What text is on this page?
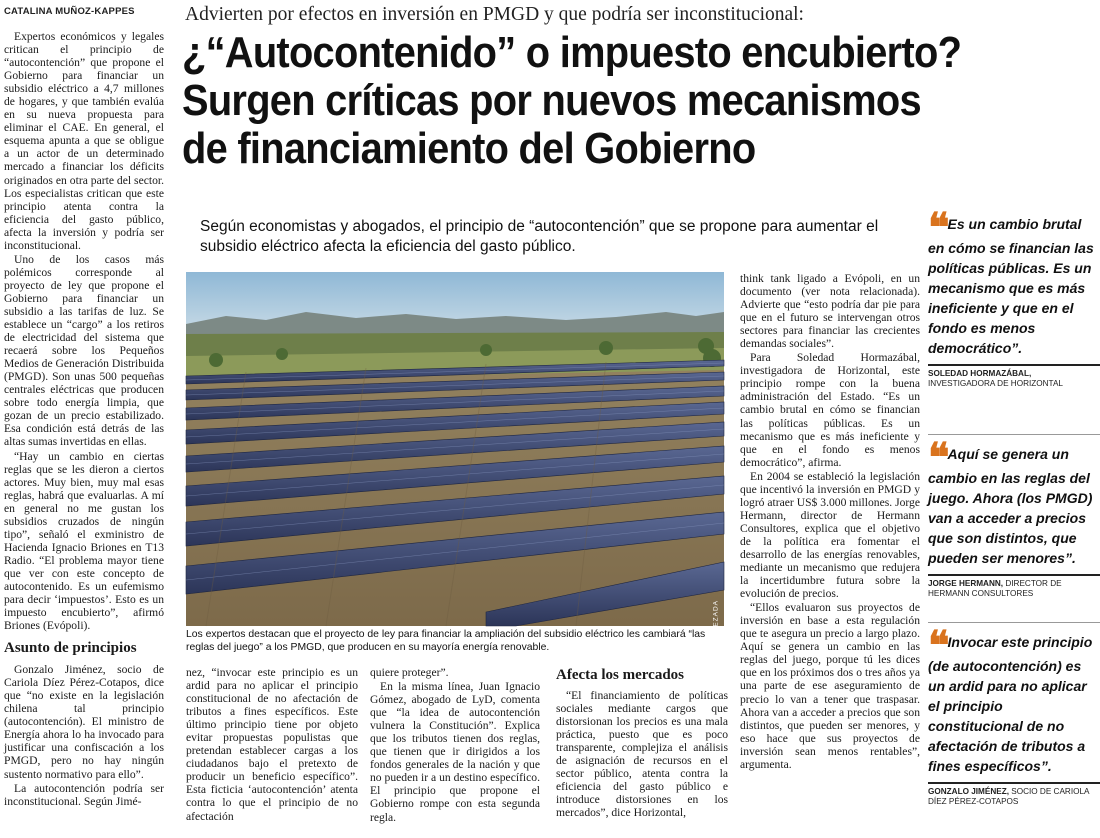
CATALINA MUÑOZ-KAPPES

Expertos económicos y legales critican el principio de “autocontención” que propone el Gobierno para financiar un subsidio eléctrico a 4,7 millones de hogares, y que también evalúa en su nueva propuesta para eliminar el CAE. En general, el esquema apunta a que se obligue a un actor de un determinado mercado a financiar los déficits originados en otra parte del sector. Los especialistas critican que este principio atenta contra la eficiencia del gasto público, afecta la inversión y podría ser inconstitucional.

Uno de los casos más polémicos corresponde al proyecto de ley que propone el Gobierno para financiar un subsidio a las tarifas de luz. Se establece un “cargo” a los retiros de electricidad del sistema que recaerá sobre los Pequeños Medios de Generación Distribuida (PMGD). Son unas 500 pequeñas centrales eléctricas que producen sobre todo energía limpia, que gozan de un precio estabilizado. Esa condición está detrás de las altas sumas invertidas en ellas.

“Hay un cambio en ciertas reglas que se les dieron a ciertos actores. Muy bien, muy mal esas reglas, habrá que evaluarlas. A mí en general no me gustan los subsidios cruzados de ningún tipo”, señaló el exministro de Hacienda Ignacio Briones en T13 Radio. “El problema mayor tiene que ver con este concepto de autocontenido. Es un eufemismo para decir ‘impuestos’. Esto es un impuesto encubierto”, afirmó Briones (Evópoli).

Asunto de principios

Gonzalo Jiménez, socio de Cariola Díez Pérez-Cotapos, dice que “no existe en la legislación chilena tal principio (autocontención). El ministro de Energía ahora lo ha invocado para justificar una confiscación a los PMGD, pero no hay ningún sustento normativo para ello”.

La autocontención podría ser inconstitucional. Según Jimé-

Advierten por efectos en inversión en PMGD y que podría ser inconstitucional:
¿“Autocontenido” o impuesto encubierto?
Surgen críticas por nuevos mecanismos
de financiamiento del Gobierno
Según economistas y abogados, el principio de “autocontención” que se propone para aumentar el subsidio eléctrico afecta la eficiencia del gasto público.
MAURICIO QUEZADA
Los expertos destacan que el proyecto de ley para financiar la ampliación del subsidio eléctrico les cambiará “las reglas del juego” a los PMGD, que producen en su mayoría energía renovable.

nez, “invocar este principio es un ardid para no aplicar el principio constitucional de no afectación de tributos a fines específicos. Este último principio tiene por objeto evitar propuestas populistas que pretendan establecer cargas a los ciudadanos bajo el pretexto de producir un beneficio específico”. Esta ficticia ‘autocontención’ atenta contra lo que el principio de no afectación

quiere proteger”.

En la misma línea, Juan Ignacio Gómez, abogado de LyD, comenta que “la idea de autocontención vulnera la Constitución”. Explica que los tributos tienen dos reglas, que tienen que ir dirigidos a los fondos generales de la nación y que no pueden ir a un destino específico. El principio que propone el Gobierno rompe con esta segunda regla.

Afecta los mercados

“El financiamiento de políticas sociales mediante cargos que distorsionan los precios es una mala práctica, puesto que es poco transparente, complejiza el análisis de asignación de recursos en el sector público, atenta contra la eficiencia del gasto público e introduce distorsiones en los mercados”, dice Horizontal,

think tank ligado a Evópoli, en un documento (ver nota relacionada). Advierte que “esto podría dar pie para que en el futuro se intervengan otros sectores para financiar las crecientes demandas sociales”.

Para Soledad Hormazábal, investigadora de Horizontal, este principio rompe con la buena administración del Estado. “Es un cambio brutal en cómo se financian las políticas públicas. Es un mecanismo que es más ineficiente y que en el fondo es menos democrático”, afirma.

En 2004 se estableció la legislación que incentivó la inversión en PMGD y logró atraer US$ 3.000 millones. Jorge Hermann, director de Hermann Consultores, explica que el objetivo de la política era fomentar el desarrollo de las energías renovables, mediante un mecanismo que redujera la incertidumbre futura sobre la evolución de precios.

“Ellos evaluaron sus proyectos de inversión en base a esta regulación que te asegura un precio a largo plazo. Aquí se genera un cambio en las reglas del juego, porque tú les dices que en los próximos dos o tres años ya una parte de ese aseguramiento de precio lo van a tener que traspasar. Ahora van a acceder a precios que son distintos, que pueden ser menores, y eso hace que sus proyectos de inversión sean menos rentables”, argumenta.

❝ Es un cambio brutal en cómo se financian las políticas públicas. Es un mecanismo que es más ineficiente y que en el fondo es menos democrático”.
SOLEDAD HORMAZÁBAL,
INVESTIGADORA DE HORIZONTAL
❝ Aquí se genera un cambio en las reglas del juego. Ahora (los PMGD) van a acceder a precios que son distintos, que pueden ser menores”.
JORGE HERMANN, DIRECTOR DE HERMANN CONSULTORES
❝ Invocar este principio (de autocontención) es un ardid para no aplicar el principio constitucional de no afectación de tributos a fines específicos”.
GONZALO JIMÉNEZ, SOCIO DE CARIOLA DÍEZ PÉREZ-COTAPOS
